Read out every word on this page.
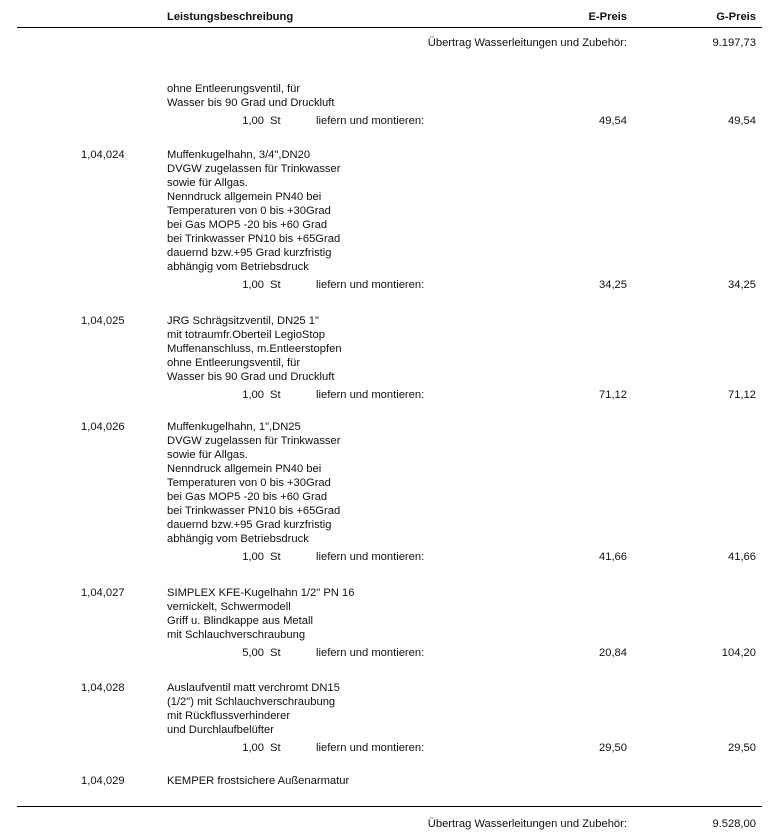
Leistungsbeschreibung	E-Preis	G-Preis
Übertrag Wasserleitungen und Zubehör:	9.197,73
ohne Entleerungsventil, für
Wasser bis 90 Grad und Druckluft
1,00 St	liefern und montieren:	49,54	49,54
1,04,024	Muffenkugelhahn, 3/4",DN20
DVGW zugelassen für Trinkwasser
sowie für Allgas.
Nenndruck allgemein PN40 bei
Temperaturen von 0 bis +30Grad
bei Gas MOP5 -20 bis +60 Grad
bei Trinkwasser PN10 bis +65Grad
dauernd bzw.+95 Grad kurzfristig
abhängig vom Betriebsdruck
1,00 St	liefern und montieren:	34,25	34,25
1,04,025	JRG Schrägsitzventil, DN25 1"
mit totraumfr.Oberteil LegioStop
Muffenanschluss, m.Entleerstopfen
ohne Entleerungsventil, für
Wasser bis 90 Grad und Druckluft
1,00 St	liefern und montieren:	71,12	71,12
1,04,026	Muffenkugelhahn, 1",DN25
DVGW zugelassen für Trinkwasser
sowie für Allgas.
Nenndruck allgemein PN40 bei
Temperaturen von 0 bis +30Grad
bei Gas MOP5 -20 bis +60 Grad
bei Trinkwasser PN10 bis +65Grad
dauernd bzw.+95 Grad kurzfristig
abhängig vom Betriebsdruck
1,00 St	liefern und montieren:	41,66	41,66
1,04,027	SIMPLEX KFE-Kugelhahn 1/2" PN 16
vernickelt, Schwermodell
Griff u. Blindkappe aus Metall
mit Schlauchverschraubung
5,00 St	liefern und montieren:	20,84	104,20
1,04,028	Auslaufventil matt verchromt DN15
(1/2") mit Schlauchverschraubung
mit Rückflussverhinderer
und Durchlaufbelüfter
1,00 St	liefern und montieren:	29,50	29,50
1,04,029	KEMPER frostsichere Außenarmatur
Übertrag Wasserleitungen und Zubehör:	9.528,00
